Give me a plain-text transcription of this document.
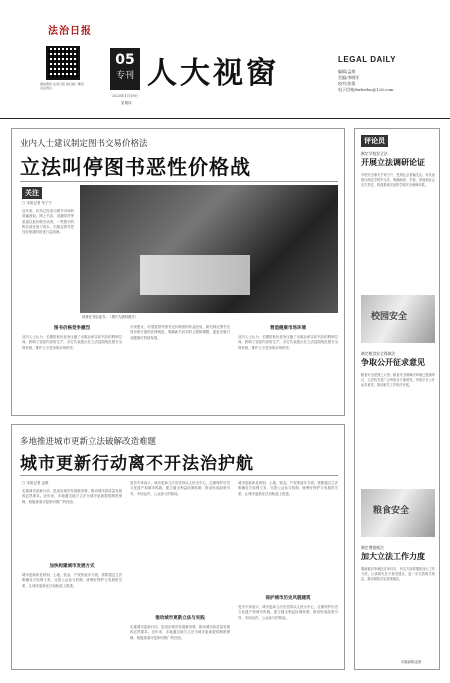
法治日报
微信搜索 法治日报 或扫描二维码关注我们
05
专刊 人大视窗
2023年1月19日
星期四
LEGAL DAILY
编辑/孟维
美编/李晓军
校对/张霞
电子信箱/fzrbrdsc@126.com
业内人士建议制定图书交易价格法
立法叫停图书恶性价格战
关注
□ 本报记者 朱宁宁
近年来，折扣已经成为图书市场的普遍现象。网上书店、直播带货等渠道以低价吸引读者，一些图书的售价甚至低于成本，出版业界对恶性价格战的担忧日益加深。
读者在书店选书。（图片为资料照片）
图书价格竞争激烈
业内人士认为，长期的低价竞争压缩了出版社和实体书店的利润空间，影响了优质内容的生产。多位代表建议在立法层面规范图书交易价格，维护公平竞争的市场秩序。
专家建议，可借鉴国外图书定价制度的有益经验，研究制定图书交易价格方面的法律规范，明确新书折扣的上限和期限，促进出版行业健康可持续发展。
营造健康市场环境
业内人士认为，长期的低价竞争压缩了出版社和实体书店的利润空间，影响了优质内容的生产。多位代表建议在立法层面规范图书交易价格，维护公平竞争的市场秩序。
多地推进城市更新立法破解改造难题
城市更新行动离不开法治护航
□ 本报记者 孟维
实施城市更新行动，是适应城市发展新形势、推动城市高质量发展的必然要求。近年来，多地通过地方立法为城市更新提供制度保障，积极探索可复制可推广的经验。
加快构建城市发展方式
城市更新涉及规划、土地、资金、产权等诸多方面，需要通过立法明确各方权利义务，完善公众参与机制，统筹好保护与发展的关系，让城市更新在法治轨道上推进。
受访专家表示，城市更新立法应坚持以人民为中心，注重保护历史文化遗产和城市风貌，建立健全利益协调机制，推动形成政府引导、市场运作、公众参与的格局。
推动城市更新立法与实践
实施城市更新行动，是适应城市发展新形势、推动城市高质量发展的必然要求。近年来，多地通过地方立法为城市更新提供制度保障，积极探索可复制可推广的经验。
城市更新涉及规划、土地、资金、产权等诸多方面，需要通过立法明确各方权利义务，完善公众参与机制，统筹好保护与发展的关系，让城市更新在法治轨道上推进。
保护城市历史风貌建筑
受访专家表示，城市更新立法应坚持以人民为中心，注重保护历史文化遗产和城市风貌，建立健全利益协调机制，推动形成政府引导、市场运作、公众参与的格局。
评论员
制定学校安全法
开展立法调研论证
学校安全事关千家万户，受到社会普遍关注。有代表建议制定学校安全法，明确政府、学校、家庭和社会各方责任，构建系统完备的学校安全保障体系。
校园安全
制定粮食安全保障法
争取公开征求意见
粮食安全是国之大者。粮食安全保障法草案已提请审议，立法机关将广泛听取各方面意见，争取早日公开征求意见，推动相关工作依法开展。
粮食安全
制定增值税法
加大立法工作力度
增值税法草案经过审议后，有关方面将继续加大工作力度，认真研究各方意见建议，进一步完善相关规定，推动税收法定原则落实。
本版编辑/孟维
